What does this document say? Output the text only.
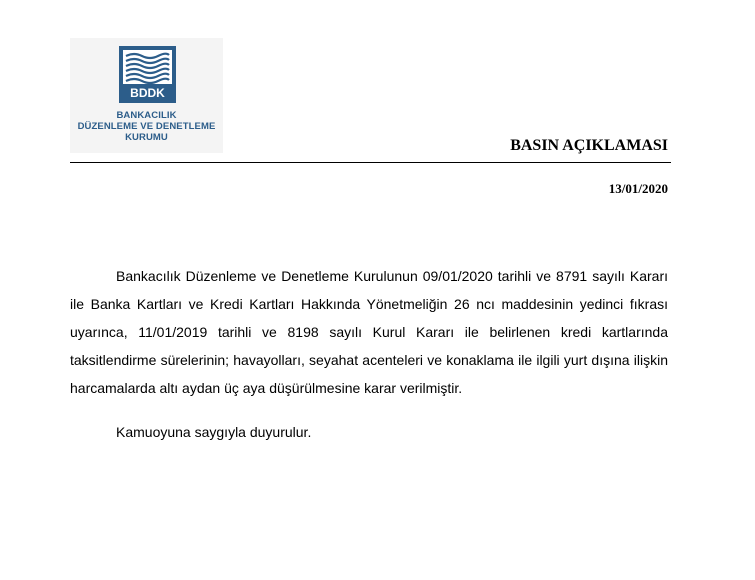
BDDK
BANKACILIK
DÜZENLEME VE DENETLEME
KURUMU	BASIN AÇIKLAMASI
13/01/2020

Bankacılık Düzenleme ve Denetleme Kurulunun 09/01/2020 tarihli ve 8791 sayılı Kararı ile Banka Kartları ve Kredi Kartları Hakkında Yönetmeliğin 26 ncı maddesinin yedinci fıkrası uyarınca, 11/01/2019 tarihli ve 8198 sayılı Kurul Kararı ile belirlenen kredi kartlarında taksitlendirme sürelerinin; havayolları, seyahat acenteleri ve konaklama ile ilgili yurt dışına ilişkin harcamalarda altı aydan üç aya düşürülmesine karar verilmiştir.

Kamuoyuna saygıyla duyurulur.
